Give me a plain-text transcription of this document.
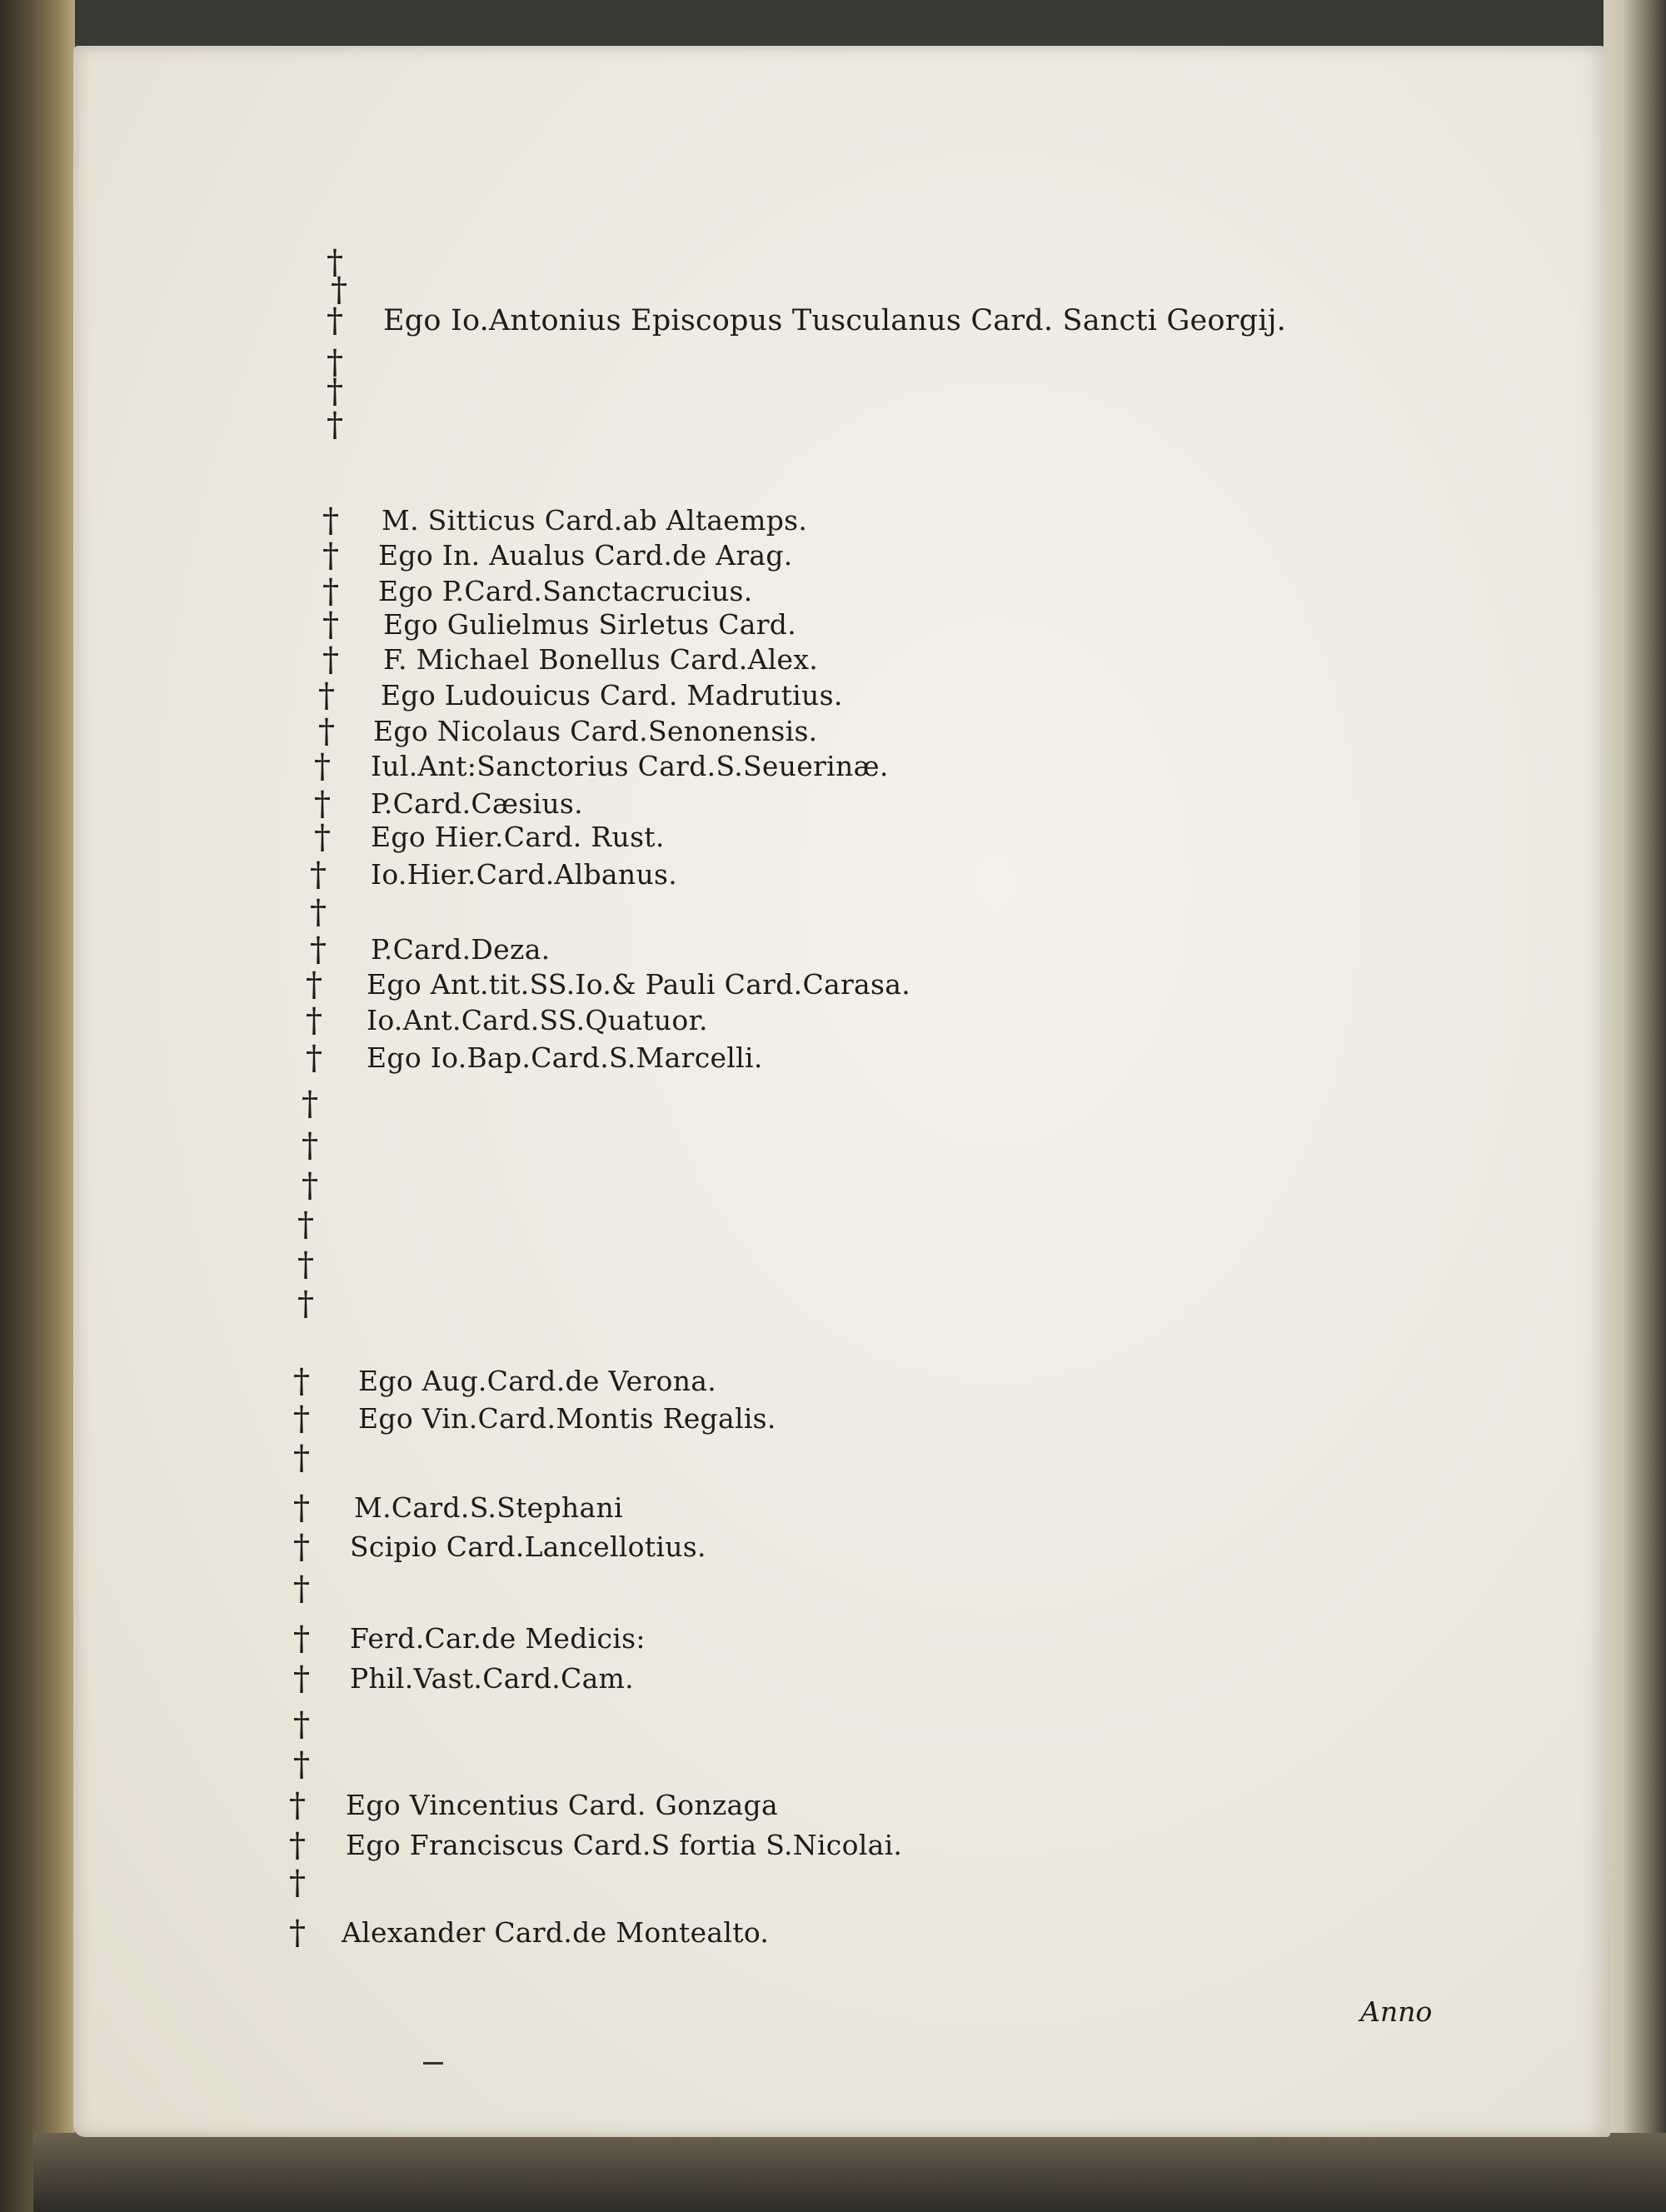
†
†
† Ego Io.Antonius Episcopus Tusculanus Card. Sancti Georgij.
†
†
†
† M. Sitticus Card.ab Altaemps.
† Ego In. Aualus Card.de Arag.
† Ego P.Card.Sanctacrucius.
† Ego Gulielmus Sirletus Card.
† F. Michael Bonellus Card.Alex.
† Ego Ludouicus Card. Madrutius.
† Ego Nicolaus Card.Senonensis.
† Iul.Ant:Sanctorius Card.S.Seuerinæ.
† P.Card.Cæsius.
† Ego Hier.Card. Rust.
† Io.Hier.Card.Albanus.
†
† P.Card.Deza.
† Ego Ant.tit.SS.Io.& Pauli Card.Carasa.
† Io.Ant.Card.SS.Quatuor.
† Ego Io.Bap.Card.S.Marcelli.
†
†
†
†
†
†
† Ego Aug.Card.de Verona.
† Ego Vin.Card.Montis Regalis.
†
† M.Card.S.Stephani
† Scipio Card.Lancellotius.
†
† Ferd.Car.de Medicis:
† Phil.Vast.Card.Cam.
†
†
† Ego Vincentius Card. Gonzaga
† Ego Franciscus Card.S fortia S.Nicolai.
†
† Alexander Card.de Montealto.
Anno
